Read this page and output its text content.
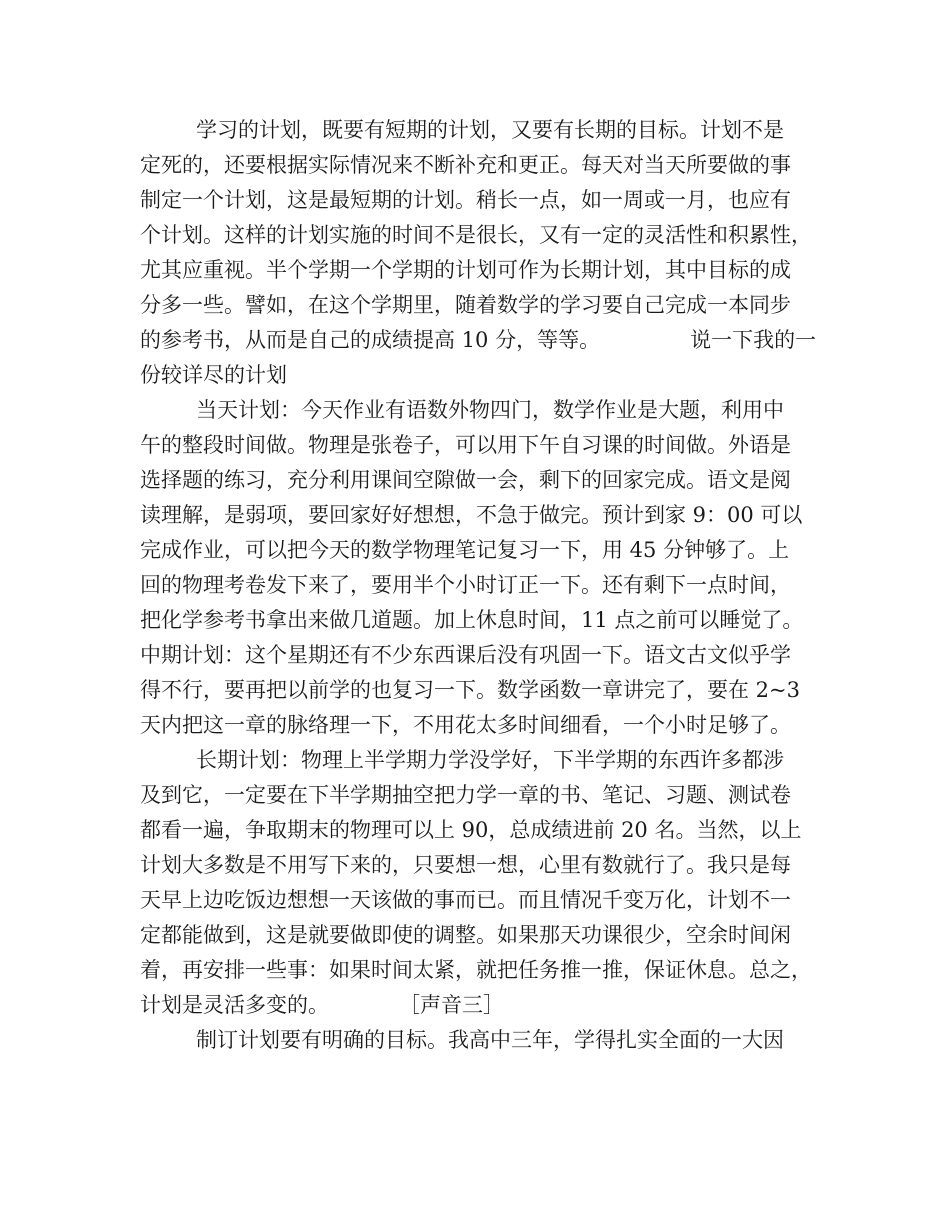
学习的计划，既要有短期的计划，又要有长期的目标。计划不是
定死的，还要根据实际情况来不断补充和更正。每天对当天所要做的事
制定一个计划，这是最短期的计划。稍长一点，如一周或一月，也应有
个计划。这样的计划实施的时间不是很长，又有一定的灵活性和积累性，
尤其应重视。半个学期一个学期的计划可作为长期计划，其中目标的成
分多一些。譬如，在这个学期里，随着数学的学习要自己完成一本同步
的参考书，从而是自己的成绩提高 10 分，等等。	说一下我的一
份较详尽的计划
当天计划：今天作业有语数外物四门，数学作业是大题，利用中
午的整段时间做。物理是张卷子，可以用下午自习课的时间做。外语是
选择题的练习，充分利用课间空隙做一会，剩下的回家完成。语文是阅
读理解，是弱项，要回家好好想想，不急于做完。预计到家 9：00 可以
完成作业，可以把今天的数学物理笔记复习一下，用 45 分钟够了。上
回的物理考卷发下来了，要用半个小时订正一下。还有剩下一点时间，
把化学参考书拿出来做几道题。加上休息时间，11 点之前可以睡觉了。
中期计划：这个星期还有不少东西课后没有巩固一下。语文古文似乎学
得不行，要再把以前学的也复习一下。数学函数一章讲完了，要在 2~3
天内把这一章的脉络理一下，不用花太多时间细看，一个小时足够了。
长期计划：物理上半学期力学没学好，下半学期的东西许多都涉
及到它，一定要在下半学期抽空把力学一章的书、笔记、习题、测试卷
都看一遍，争取期末的物理可以上 90，总成绩进前 20 名。当然，以上
计划大多数是不用写下来的，只要想一想，心里有数就行了。我只是每
天早上边吃饭边想想一天该做的事而已。而且情况千变万化，计划不一
定都能做到，这是就要做即使的调整。如果那天功课很少，空余时间闲
着，再安排一些事：如果时间太紧，就把任务推一推，保证休息。总之，
计划是灵活多变的。	［声音三］
制订计划要有明确的目标。我高中三年，学得扎实全面的一大因
